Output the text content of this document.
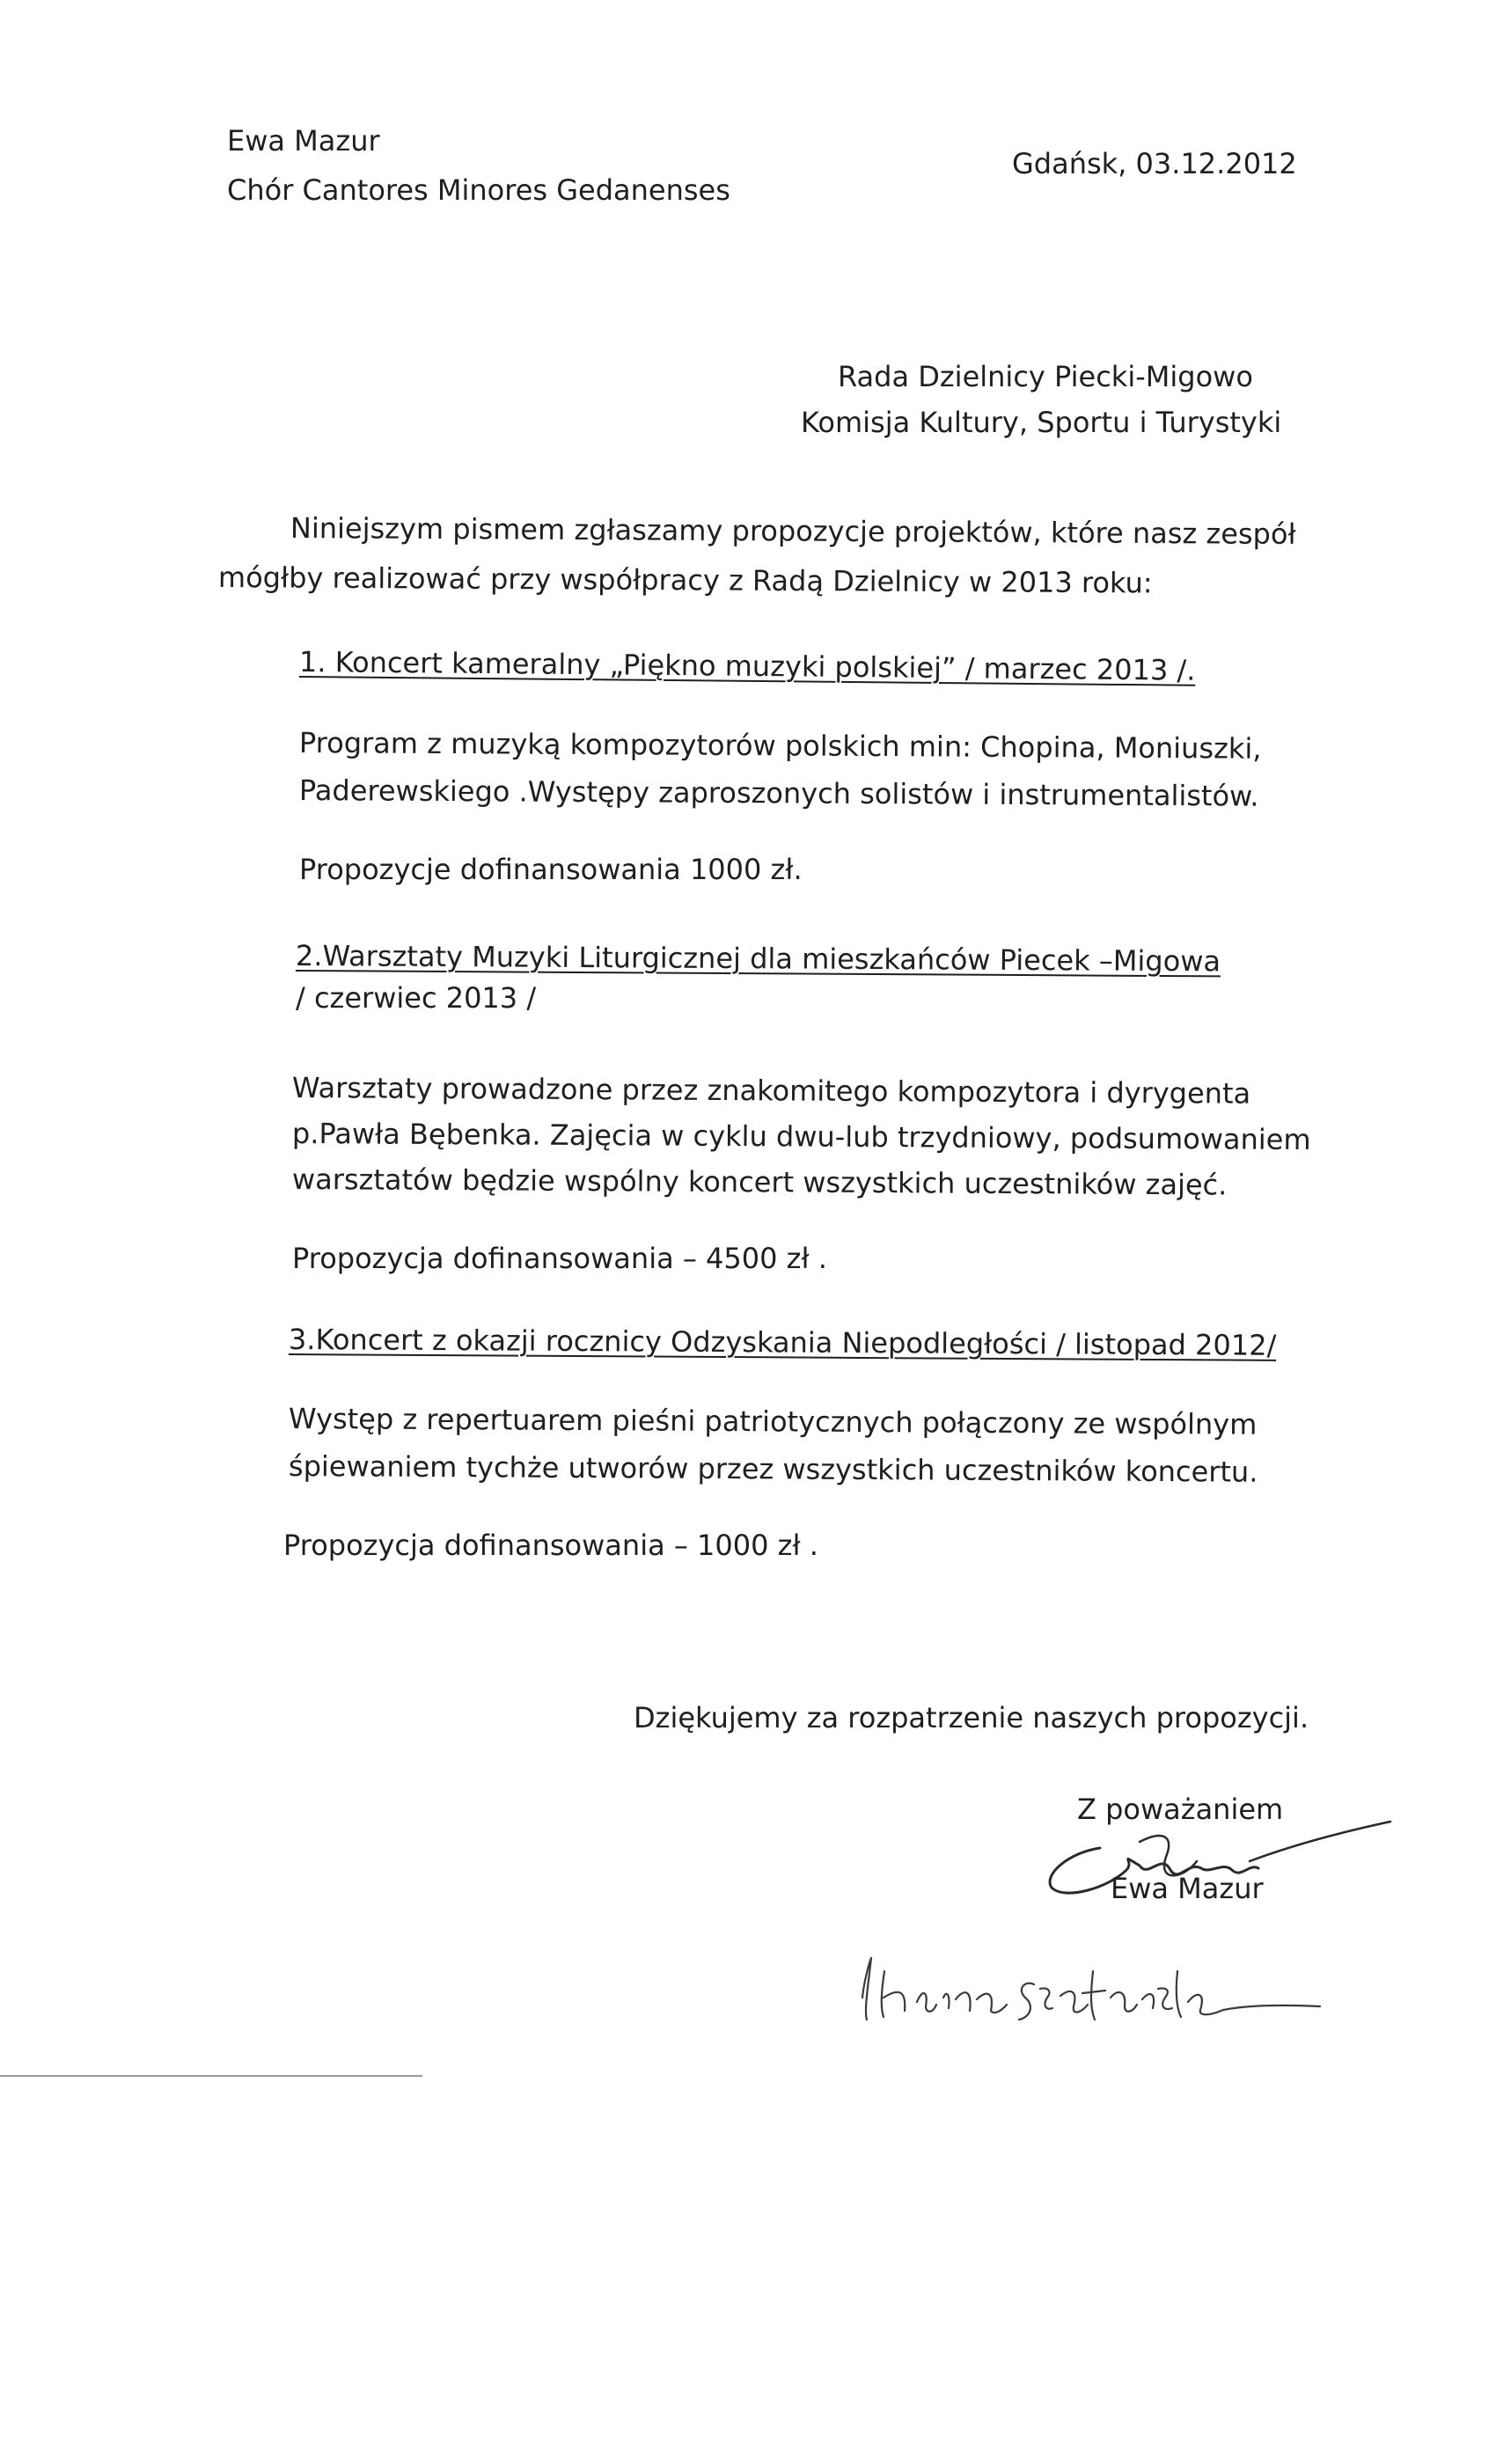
Ewa Mazur
Chór Cantores Minores Gedanenses
Gdańsk, 03.12.2012
Rada Dzielnicy Piecki-Migowo
Komisja Kultury, Sportu i Turystyki
Niniejszym pismem zgłaszamy propozycje projektów, które nasz zespół
mógłby realizować przy współpracy z Radą Dzielnicy w 2013 roku:
1. Koncert kameralny „Piękno muzyki polskiej” / marzec 2013 /.
Program z muzyką kompozytorów polskich min: Chopina, Moniuszki,
Paderewskiego .Występy zaproszonych solistów i instrumentalistów.
Propozycje dofinansowania 1000 zł.
2.Warsztaty Muzyki Liturgicznej dla mieszkańców Piecek –Migowa
/ czerwiec 2013 /
Warsztaty prowadzone przez znakomitego kompozytora i dyrygenta
p.Pawła Bębenka. Zajęcia w cyklu dwu-lub trzydniowy, podsumowaniem
warsztatów będzie wspólny koncert wszystkich uczestników zajęć.
Propozycja dofinansowania – 4500 zł .
3.Koncert z okazji rocznicy Odzyskania Niepodległości / listopad 2012/
Występ z repertuarem pieśni patriotycznych połączony ze wspólnym
śpiewaniem tychże utworów przez wszystkich uczestników koncertu.
Propozycja dofinansowania – 1000 zł .
Dziękujemy za rozpatrzenie naszych propozycji.
Z poważaniem
Ewa Mazur
